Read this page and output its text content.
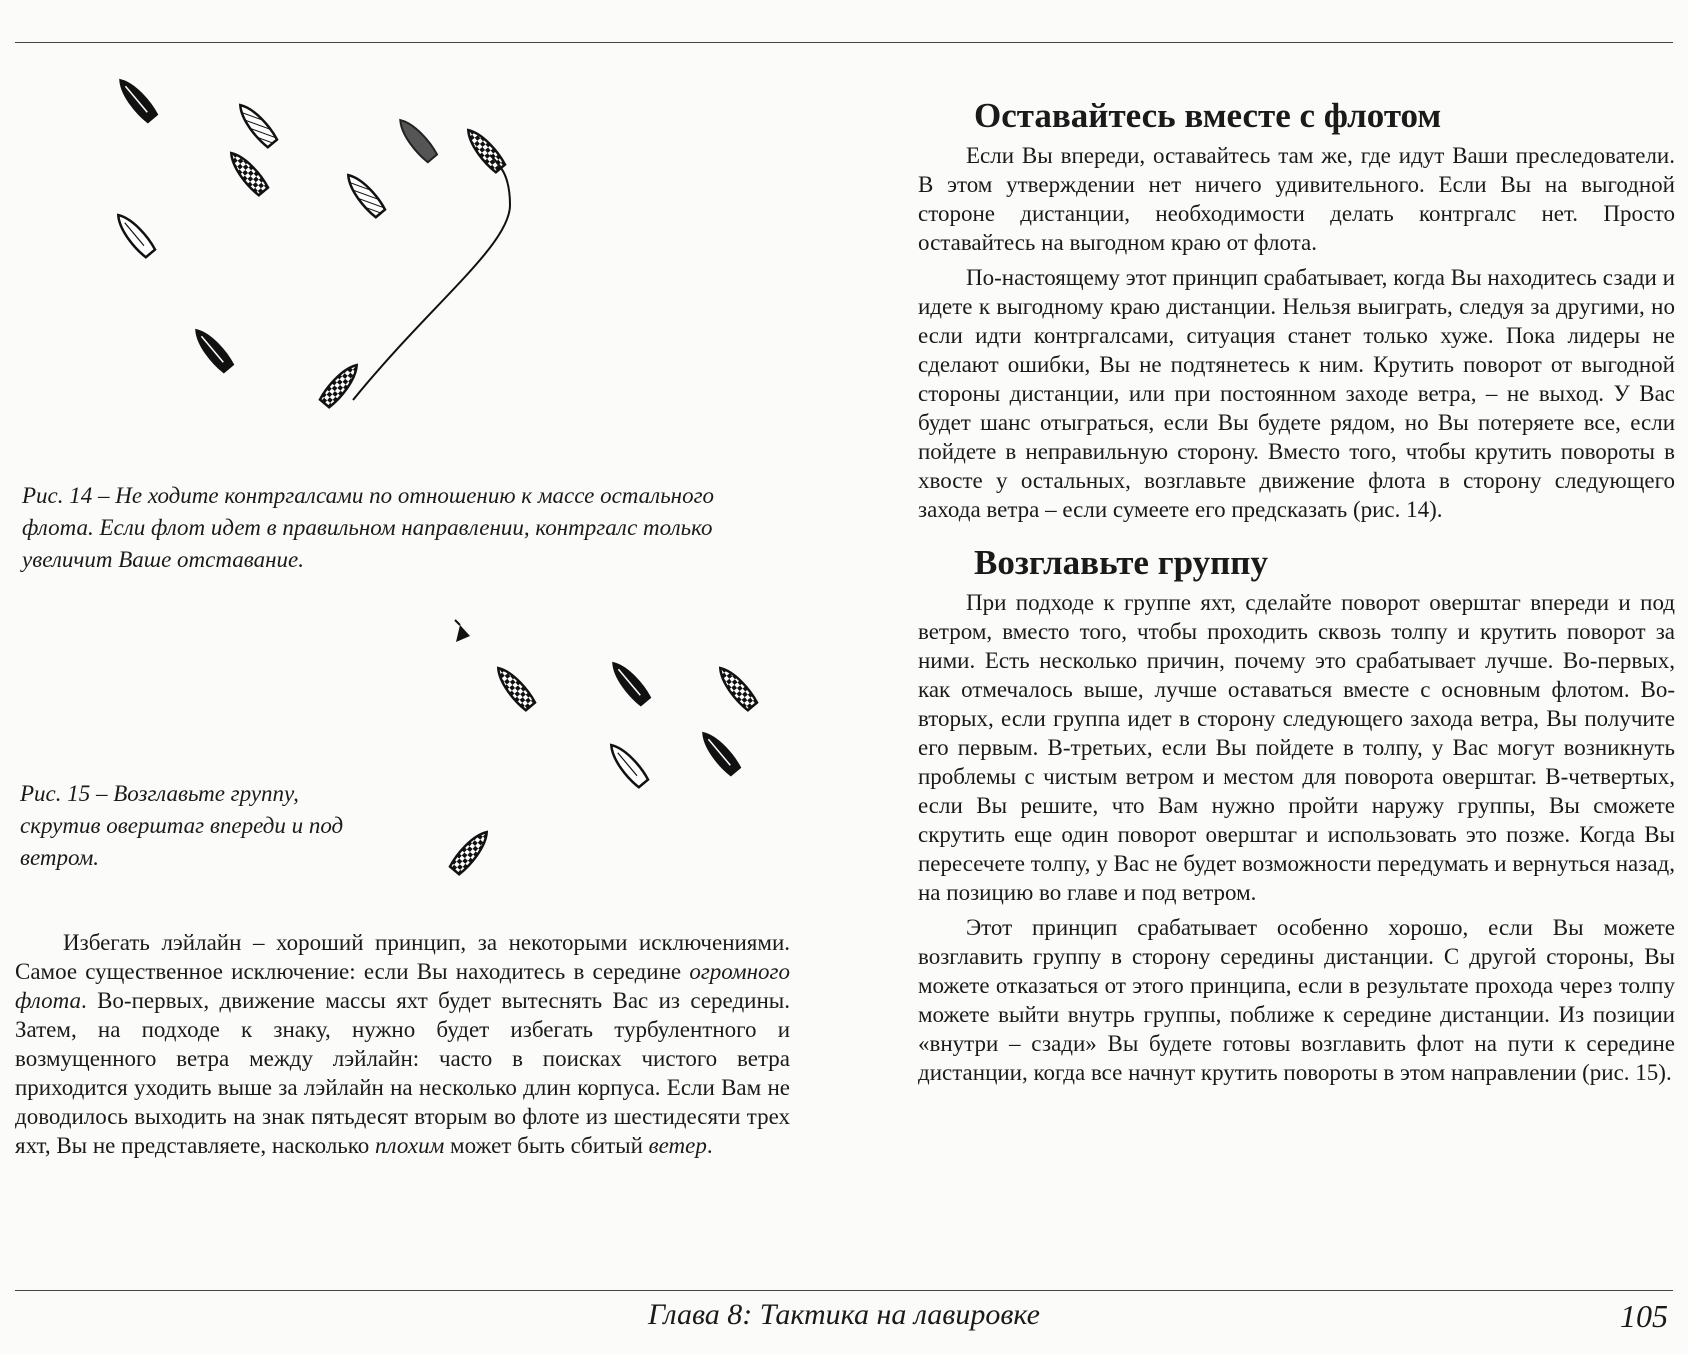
Рис. 14 – Не ходите контргалсами по отношению к массе остального флота. Если флот идет в правильном направлении, контргалс только увеличит Ваше отставание.
Рис. 15 – Возглавьте группу, скрутив оверштаг впереди и под ветром.

Избегать лэйлайн – хороший принцип, за некоторыми исключениями. Самое существенное исключение: если Вы находитесь в середине огромного флота. Во-первых, движение массы яхт будет вытеснять Вас из середины. Затем, на подходе к знаку, нужно будет избегать турбулентного и возмущенного ветра между лэйлайн: часто в поисках чистого ветра приходится уходить выше за лэйлайн на несколько длин корпуса. Если Вам не доводилось выходить на знак пятьдесят вторым во флоте из шестидесяти трех яхт, Вы не представляете, насколько плохим может быть сбитый ветер.

Оставайтесь вместе с флотом

Если Вы впереди, оставайтесь там же, где идут Ваши преследователи. В этом утверждении нет ничего удивительного. Если Вы на выгодной стороне дистанции, необходимости делать контргалс нет. Просто оставайтесь на выгодном краю от флота.

По-настоящему этот принцип срабатывает, когда Вы находитесь сзади и идете к выгодному краю дистанции. Нельзя выиграть, следуя за другими, но если идти контргалсами, ситуация станет только хуже. Пока лидеры не сделают ошибки, Вы не подтянетесь к ним. Крутить поворот от выгодной стороны дистанции, или при постоянном заходе ветра, – не выход. У Вас будет шанс отыграться, если Вы будете рядом, но Вы потеряете все, если пойдете в неправильную сторону. Вместо того, чтобы крутить повороты в хвосте у остальных, возглавьте движение флота в сторону следующего захода ветра – если сумеете его предсказать (рис. 14).

Возглавьте группу

При подходе к группе яхт, сделайте поворот оверштаг впереди и под ветром, вместо того, чтобы проходить сквозь толпу и крутить поворот за ними. Есть несколько причин, почему это срабатывает лучше. Во-первых, как отмечалось выше, лучше оставаться вместе с основным флотом. Во-вторых, если группа идет в сторону следующего захода ветра, Вы получите его первым. В-третьих, если Вы пойдете в толпу, у Вас могут возникнуть проблемы с чистым ветром и местом для поворота оверштаг. В-четвертых, если Вы решите, что Вам нужно пройти наружу группы, Вы сможете скрутить еще один поворот оверштаг и использовать это позже. Когда Вы пересечете толпу, у Вас не будет возможности передумать и вернуться назад, на позицию во главе и под ветром.

Этот принцип срабатывает особенно хорошо, если Вы можете возглавить группу в сторону середины дистанции. С другой стороны, Вы можете отказаться от этого принципа, если в результате прохода через толпу можете выйти внутрь группы, поближе к середине дистанции. Из позиции «внутри – сзади» Вы будете готовы возглавить флот на пути к середине дистанции, когда все начнут крутить повороты в этом направлении (рис. 15).

Глава 8: Тактика на лавировке	105
